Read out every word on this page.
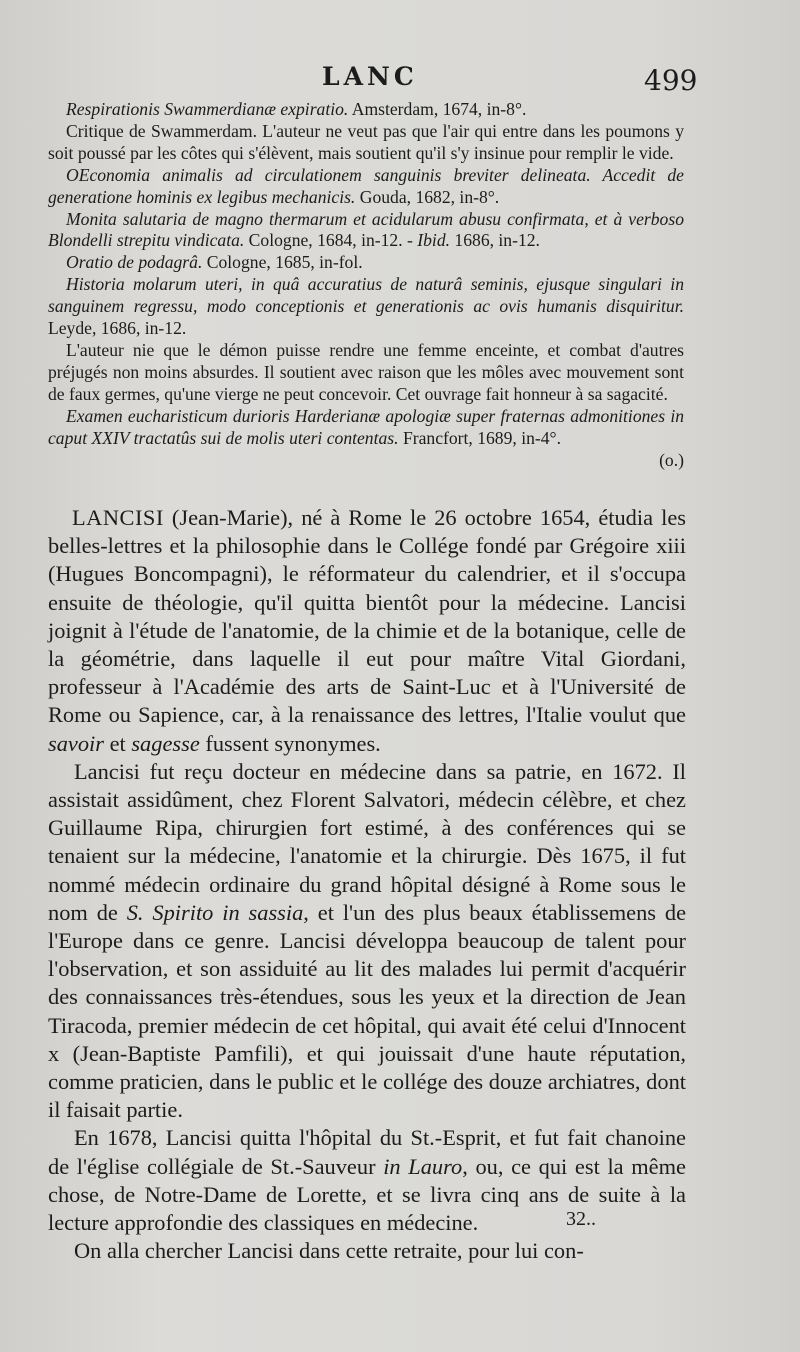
LANC	499

Respirationis Swammerdianæ expiratio. Amsterdam, 1674, in-8°.

Critique de Swammerdam. L'auteur ne veut pas que l'air qui entre dans les poumons y soit poussé par les côtes qui s'élèvent, mais soutient qu'il s'y insinue pour remplir le vide.

OEconomia animalis ad circulationem sanguinis breviter delineata. Accedit de generatione hominis ex legibus mechanicis. Gouda, 1682, in-8°.

Monita salutaria de magno thermarum et acidularum abusu confirmata, et à verboso Blondelli strepitu vindicata. Cologne, 1684, in-12. - Ibid. 1686, in-12.

Oratio de podagrâ. Cologne, 1685, in-fol.

Historia molarum uteri, in quâ accuratius de naturâ seminis, ejusque singulari in sanguinem regressu, modo conceptionis et generationis ac ovis humanis disquiritur. Leyde, 1686, in-12.

L'auteur nie que le démon puisse rendre une femme enceinte, et combat d'autres préjugés non moins absurdes. Il soutient avec raison que les môles avec mouvement sont de faux germes, qu'une vierge ne peut concevoir. Cet ouvrage fait honneur à sa sagacité.

Examen eucharisticum durioris Harderianæ apologiæ super fraternas admonitiones in caput XXIV tractatûs sui de molis uteri contentas. Francfort, 1689, in-4°.

(o.)

LANCISI (Jean-Marie), né à Rome le 26 octobre 1654, étudia les belles-lettres et la philosophie dans le Collége fondé par Grégoire xiii (Hugues Boncompagni), le réformateur du calendrier, et il s'occupa ensuite de théologie, qu'il quitta bientôt pour la médecine. Lancisi joignit à l'étude de l'anatomie, de la chimie et de la botanique, celle de la géométrie, dans laquelle il eut pour maître Vital Giordani, professeur à l'Académie des arts de Saint-Luc et à l'Université de Rome ou Sapience, car, à la renaissance des lettres, l'Italie voulut que savoir et sagesse fussent synonymes.

Lancisi fut reçu docteur en médecine dans sa patrie, en 1672. Il assistait assidûment, chez Florent Salvatori, médecin célèbre, et chez Guillaume Ripa, chirurgien fort estimé, à des conférences qui se tenaient sur la médecine, l'anatomie et la chirurgie. Dès 1675, il fut nommé médecin ordinaire du grand hôpital désigné à Rome sous le nom de S. Spirito in sassia, et l'un des plus beaux établissemens de l'Europe dans ce genre. Lancisi développa beaucoup de talent pour l'observation, et son assiduité au lit des malades lui permit d'acquérir des connaissances très-étendues, sous les yeux et la direction de Jean Tiracoda, premier médecin de cet hôpital, qui avait été celui d'Innocent x (Jean-Baptiste Pamfili), et qui jouissait d'une haute réputation, comme praticien, dans le public et le collége des douze archiatres, dont il faisait partie.

En 1678, Lancisi quitta l'hôpital du St.-Esprit, et fut fait chanoine de l'église collégiale de St.-Sauveur in Lauro, ou, ce qui est la même chose, de Notre-Dame de Lorette, et se livra cinq ans de suite à la lecture approfondie des classiques en médecine.

On alla chercher Lancisi dans cette retraite, pour lui con-

32..
